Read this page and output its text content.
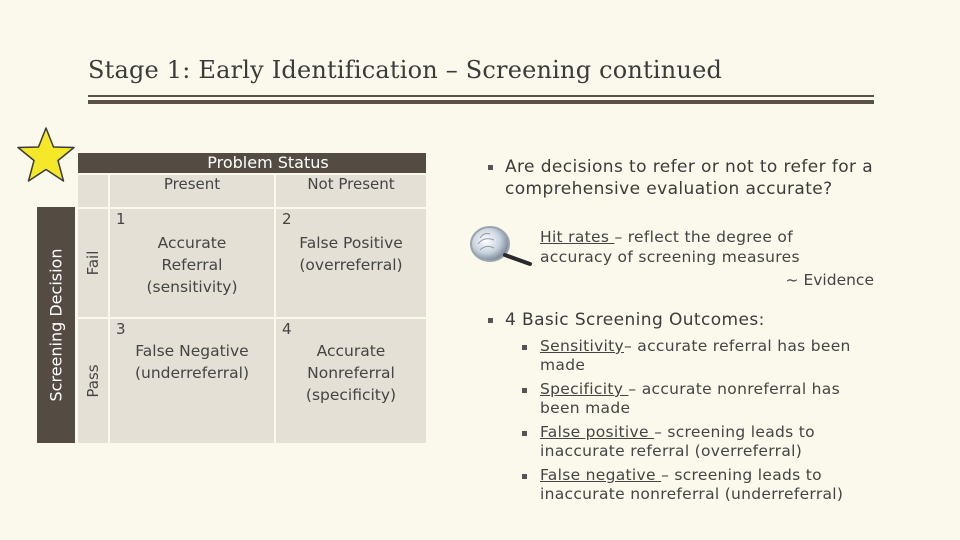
Stage 1: Early Identification – Screening continued
Problem Status
Screening Decision
Present	Not Present
Fail
Pass
1
Accurate
Referral
(sensitivity)
2
False Positive
(overreferral)
3
False Negative
(underreferral)
4
Accurate
Nonreferral
(specificity)
Are decisions to refer or not to refer for a comprehensive evaluation accurate?
Hit rates – reflect the degree of accuracy of screening measures
~ Evidence
4 Basic Screening Outcomes:
Sensitivity– accurate referral has been made
Specificity – accurate nonreferral has been made
False positive – screening leads to inaccurate referral (overreferral)
False negative – screening leads to inaccurate nonreferral (underreferral)
